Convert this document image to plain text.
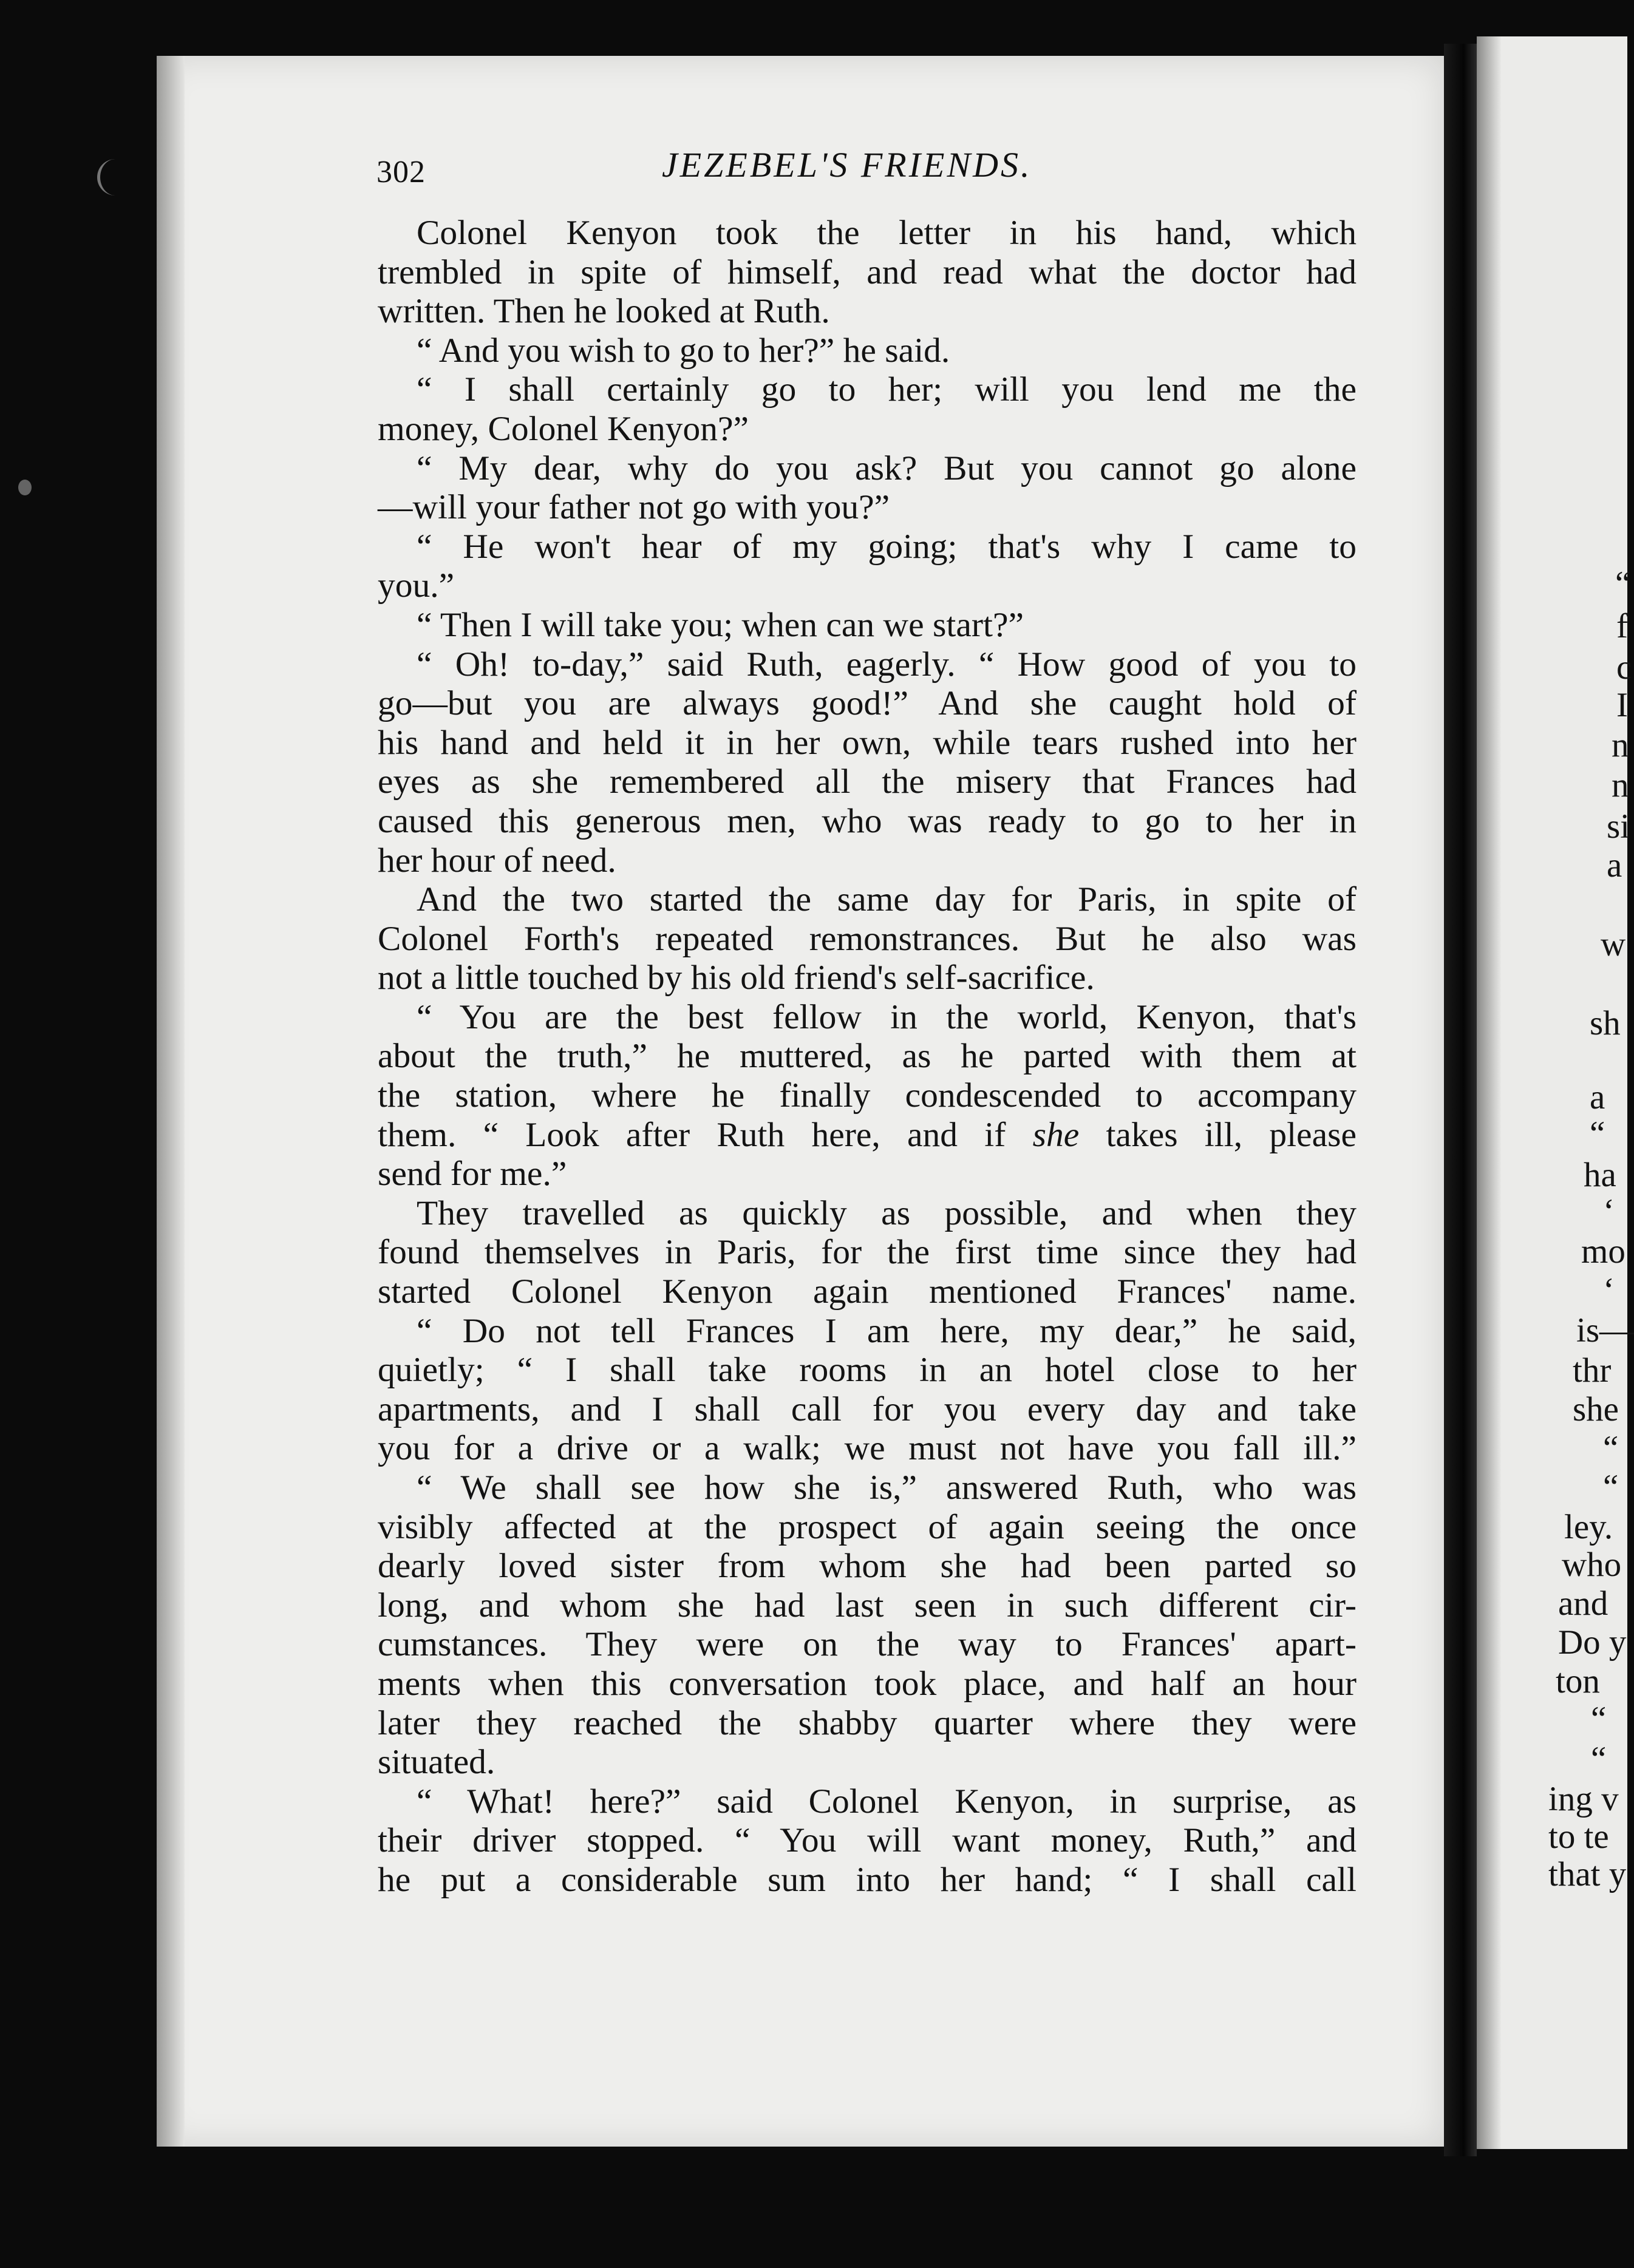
302	JEZEBEL'S FRIENDS.
Colonel Kenyon took the letter in his hand, which
trembled in spite of himself, and read what the doctor had
written. Then he looked at Ruth.
“ And you wish to go to her?” he said.
“ I shall certainly go to her; will you lend me the
money, Colonel Kenyon?”
“ My dear, why do you ask? But you cannot go alone
—will your father not go with you?”
“ He won't hear of my going; that's why I came to
you.”
“ Then I will take you; when can we start?”
“ Oh! to-day,” said Ruth, eagerly. “ How good of you to
go—but you are always good!” And she caught hold of
his hand and held it in her own, while tears rushed into her
eyes as she remembered all the misery that Frances had
caused this generous men, who was ready to go to her in
her hour of need.
And the two started the same day for Paris, in spite of
Colonel Forth's repeated remonstrances. But he also was
not a little touched by his old friend's self-sacrifice.
“ You are the best fellow in the world, Kenyon, that's
about the truth,” he muttered, as he parted with them at
the station, where he finally condescended to accompany
them. “ Look after Ruth here, and if she takes ill, please
send for me.”
They travelled as quickly as possible, and when they
found themselves in Paris, for the first time since they had
started Colonel Kenyon again mentioned Frances' name.
“ Do not tell Frances I am here, my dear,” he said,
quietly; “ I shall take rooms in an hotel close to her
apartments, and I shall call for you every day and take
you for a drive or a walk; we must not have you fall ill.”
“ We shall see how she is,” answered Ruth, who was
visibly affected at the prospect of again seeing the once
dearly loved sister from whom she had been parted so
long, and whom she had last seen in such different cir-
cumstances. They were on the way to Frances' apart-
ments when this conversation took place, and half an hour
later they reached the shabby quarter where they were
situated.
“ What! here?” said Colonel Kenyon, in surprise, as
their driver stopped. “ You will want money, Ruth,” and
he put a considerable sum into her hand; “ I shall call
“
f
c
I
n
n
si
a
w
sh
a
“
ha
‘
mo
‘
is—
thr
she
“
“
ley.
who
and
Do y
ton
“
“
ing v
to te
that y
